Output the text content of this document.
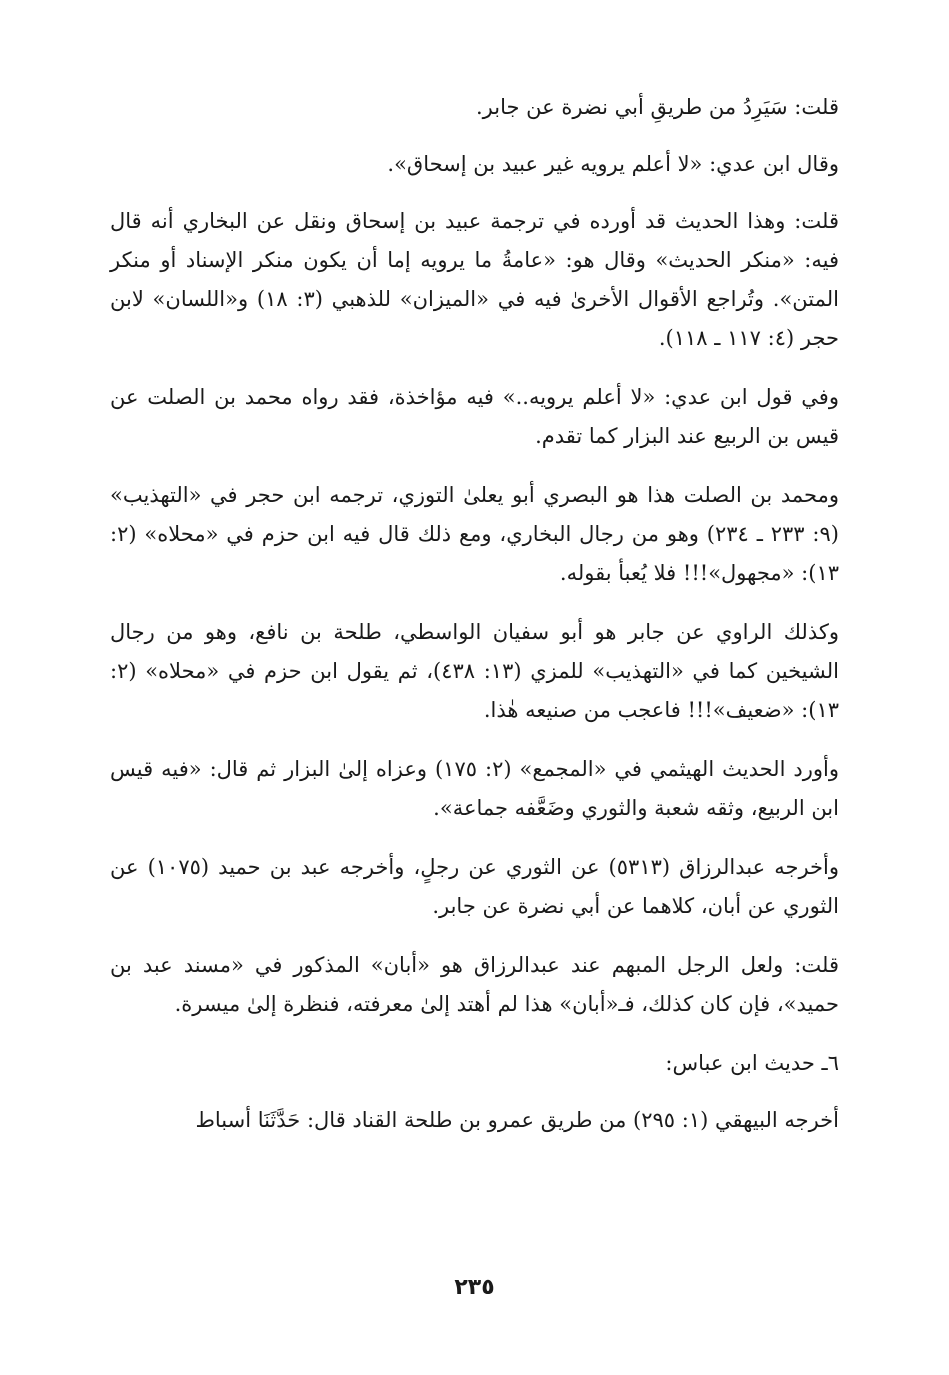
قلت: سَيَرِدُ من طريقِ أبي نضرة عن جابر.

وقال ابن عدي: «لا أعلم يرويه غير عبيد بن إسحاق».

قلت: وهذا الحديث قد أورده في ترجمة عبيد بن إسحاق ونقل عن البخاري أنه قال فيه: «منكر الحديث» وقال هو: «عامةُ ما يرويه إما أن يكون منكر الإسناد أو منكر المتن». وتُراجع الأقوال الأخرىٰ فيه في «الميزان» للذهبي (٣: ١٨) و«اللسان» لابن حجر (٤: ١١٧ ـ ١١٨).

وفي قول ابن عدي: «لا أعلم يرويه..» فيه مؤاخذة، فقد رواه محمد بن الصلت عن قيس بن الربيع عند البزار كما تقدم.

ومحمد بن الصلت هذا هو البصري أبو يعلىٰ التوزي، ترجمه ابن حجر في «التهذيب» (٩: ٢٣٣ ـ ٢٣٤) وهو من رجال البخاري، ومع ذلك قال فيه ابن حزم في «محلاه» (٢: ١٣): «مجهول»!!! فلا يُعبأ بقوله.

وكذلك الراوي عن جابر هو أبو سفيان الواسطي، طلحة بن نافع، وهو من رجال الشيخين كما في «التهذيب» للمزي (١٣: ٤٣٨)، ثم يقول ابن حزم في «محلاه» (٢: ١٣): «ضعيف»!!! فاعجب من صنيعه هٰذا.

وأورد الحديث الهيثمي في «المجمع» (٢: ١٧٥) وعزاه إلىٰ البزار ثم قال: «فيه قيس ابن الربيع، وثقه شعبة والثوري وضَعَّفه جماعة».

وأخرجه عبدالرزاق (٥٣١٣) عن الثوري عن رجلٍ، وأخرجه عبد بن حميد (١٠٧٥) عن الثوري عن أبان، كلاهما عن أبي نضرة عن جابر.

قلت: ولعل الرجل المبهم عند عبدالرزاق هو «أبان» المذكور في «مسند عبد بن حميد»، فإن كان كذلك، فـ«أبان» هذا لم أهتد إلىٰ معرفته، فنظرة إلىٰ ميسرة.

٦ـ حديث ابن عباس:

أخرجه البيهقي (١: ٢٩٥) من طريق عمرو بن طلحة القناد قال: حَدَّثَنَا أسباط

٢٣٥
